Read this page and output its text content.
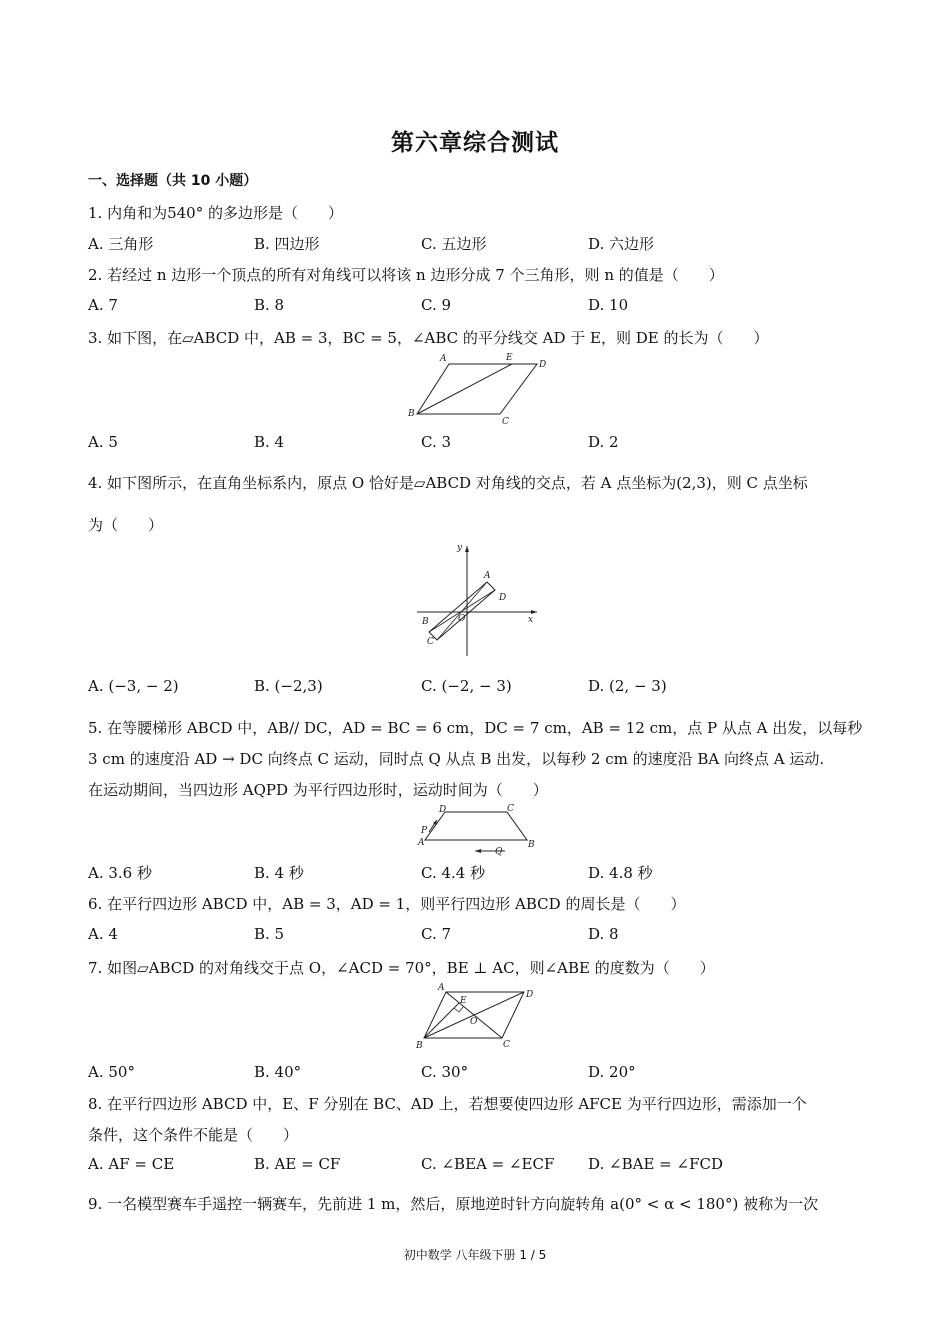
第六章综合测试
一、选择题（共 10 小题）
1. 内角和为540° 的多边形是（　　）
A. 三角形	B. 四边形	C. 五边形	D. 六边形
2. 若经过 n 边形一个顶点的所有对角线可以将该 n 边形分成 7 个三角形，则 n 的值是（　　）
A. 7	B. 8	C. 9	D. 10
3. 如下图，在▱ABCD 中，AB = 3，BC = 5，∠ABC 的平分线交 AD 于 E，则 DE 的长为（　　）
A	E
D
B
C
A. 5	B. 4	C. 3	D. 2
4. 如下图所示，在直角坐标系内，原点 O 恰好是▱ABCD 对角线的交点，若 A 点坐标为(2,3)，则 C 点坐标
为（　　）
y
x
A
D
O
B
C
A. (−3, − 2)	B. (−2,3)	C. (−2, − 3)	D. (2, − 3)
5. 在等腰梯形 ABCD 中，AB// DC，AD = BC = 6 cm，DC = 7 cm，AB = 12 cm，点 P 从点 A 出发，以每秒
3 cm 的速度沿 AD → DC 向终点 C 运动，同时点 Q 从点 B 出发，以每秒 2 cm 的速度沿 BA 向终点 A 运动.
在运动期间，当四边形 AQPD 为平行四边形时，运动时间为（　　）
D	C
P
A
Q
B
A. 3.6 秒	B. 4 秒	C. 4.4 秒	D. 4.8 秒
6. 在平行四边形 ABCD 中，AB = 3，AD = 1，则平行四边形 ABCD 的周长是（　　）
A. 4	B. 5	C. 7	D. 8
7. 如图▱ABCD 的对角线交于点 O，∠ACD = 70°，BE ⊥ AC，则∠ABE 的度数为（　　）
A
E
D
O
B	C
A. 50°	B. 40°	C. 30°	D. 20°
8. 在平行四边形 ABCD 中，E、F 分别在 BC、AD 上，若想要使四边形 AFCE 为平行四边形，需添加一个
条件，这个条件不能是（　　）
A. AF = CE	B. AE = CF	C. ∠BEA = ∠ECF D. ∠BAE = ∠FCD
9. 一名模型赛车手遥控一辆赛车，先前进 1 m，然后，原地逆时针方向旋转角 a(0° < α < 180°) 被称为一次
初中数学 八年级下册 1 / 5
